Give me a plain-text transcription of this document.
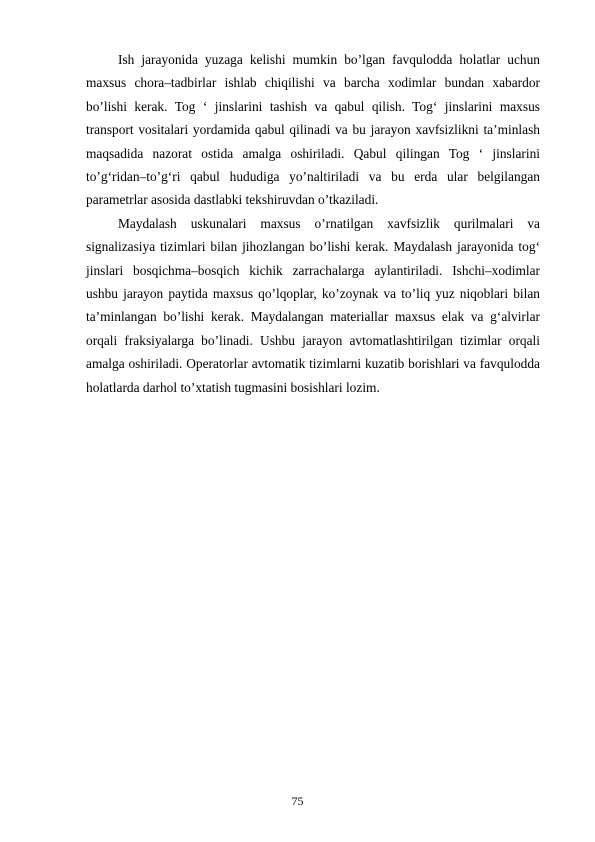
Ish jarayonida yuzaga kelishi mumkin bo’lgan favqulodda holatlar uchun maxsus chora–tadbirlar ishlab chiqilishi va barcha xodimlar bundan xabardor bo’lishi kerak. Tog ‘ jinslarini tashish va qabul qilish. Tog‘ jinslarini maxsus transport vositalari yordamida qabul qilinadi va bu jarayon xavfsizlikni ta’minlash maqsadida nazorat ostida amalga oshiriladi. Qabul qilingan Tog ‘ jinslarini to’g‘ridan–to’g‘ri qabul hududiga yo’naltiriladi va bu erda ular belgilangan parametrlar asosida dastlabki tekshiruvdan o’tkaziladi.

Maydalash uskunalari maxsus o’rnatilgan xavfsizlik qurilmalari va signalizasiya tizimlari bilan jihozlangan bo’lishi kerak. Maydalash jarayonida tog‘ jinslari bosqichma–bosqich kichik zarrachalarga aylantiriladi. Ishchi–xodimlar ushbu jarayon paytida maxsus qo’lqoplar, ko’zoynak va to’liq yuz niqoblari bilan ta’minlangan bo’lishi kerak. Maydalangan materiallar maxsus elak va g‘alvirlar orqali fraksiyalarga bo’linadi. Ushbu jarayon avtomatlashtirilgan tizimlar orqali amalga oshiriladi. Operatorlar avtomatik tizimlarni kuzatib borishlari va favqulodda holatlarda darhol to’xtatish tugmasini bosishlari lozim.

75
